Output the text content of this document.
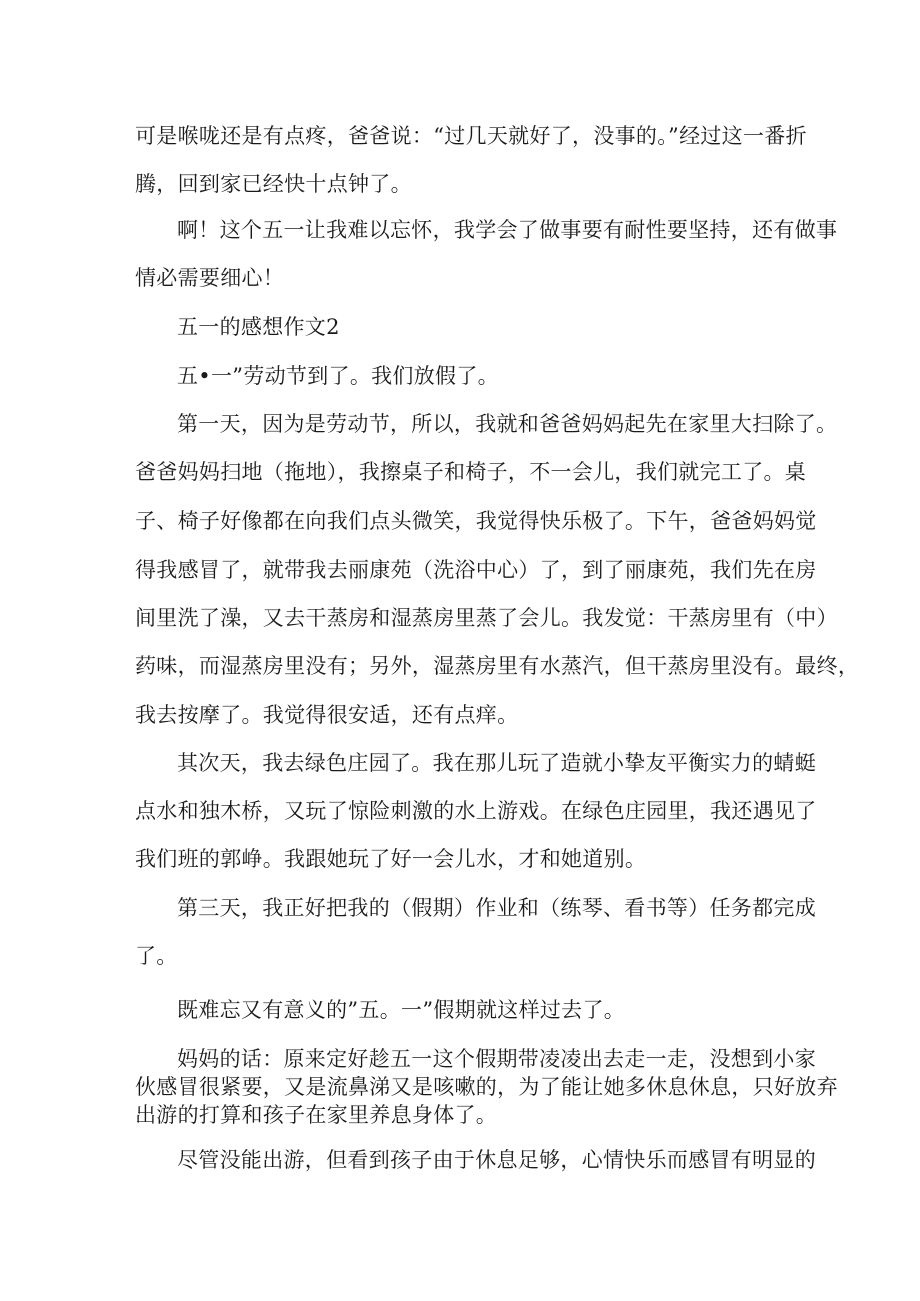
可是喉咙还是有点疼，爸爸说：“过几天就好了，没事的。”经过这一番折
腾，回到家已经快十点钟了。
啊！这个五一让我难以忘怀，我学会了做事要有耐性要坚持，还有做事
情必需要细心！
五一的感想作文2
五•一”劳动节到了。我们放假了。
第一天，因为是劳动节，所以，我就和爸爸妈妈起先在家里大扫除了。
爸爸妈妈扫地（拖地），我擦桌子和椅子，不一会儿，我们就完工了。桌
子、椅子好像都在向我们点头微笑，我觉得快乐极了。下午，爸爸妈妈觉
得我感冒了，就带我去丽康苑（洗浴中心）了，到了丽康苑，我们先在房
间里洗了澡，又去干蒸房和湿蒸房里蒸了会儿。我发觉：干蒸房里有（中）
药味，而湿蒸房里没有；另外，湿蒸房里有水蒸汽，但干蒸房里没有。最终，
我去按摩了。我觉得很安适，还有点痒。
其次天，我去绿色庄园了。我在那儿玩了造就小挚友平衡实力的蜻蜓
点水和独木桥，又玩了惊险刺激的水上游戏。在绿色庄园里，我还遇见了
我们班的郭峥。我跟她玩了好一会儿水，才和她道别。
第三天，我正好把我的（假期）作业和（练琴、看书等）任务都完成
了。
既难忘又有意义的”五。一”假期就这样过去了。
妈妈的话：原来定好趁五一这个假期带凌凌出去走一走，没想到小家
伙感冒很紧要，又是流鼻涕又是咳嗽的，为了能让她多休息休息，只好放弃
出游的打算和孩子在家里养息身体了。
尽管没能出游，但看到孩子由于休息足够，心情快乐而感冒有明显的
